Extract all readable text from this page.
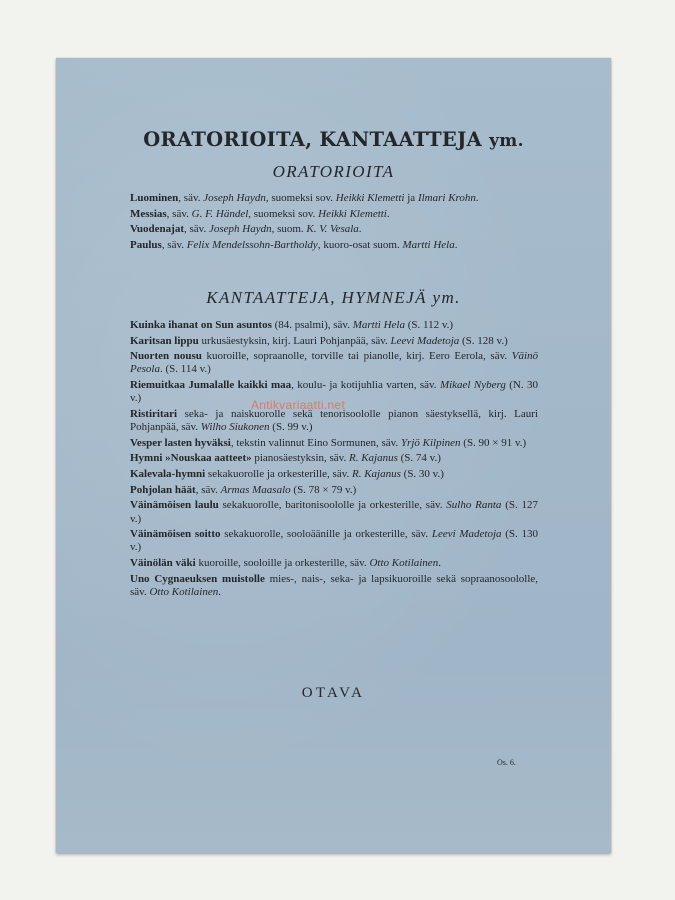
ORATORIOITA, KANTAATTEJA ym.
ORATORIOITA
Luominen, säv. Joseph Haydn, suomeksi sov. Heikki Klemetti ja Ilmari Krohn.
Messias, säv. G. F. Händel, suomeksi sov. Heikki Klemetti.
Vuodenajat, säv. Joseph Haydn, suom. K. V. Vesala.
Paulus, säv. Felix Mendelssohn-Bartholdy, kuoro-osat suom. Martti Hela.
KANTAATTEJA, HYMNEJÄ ym.
Kuinka ihanat on Sun asuntos (84. psalmi), säv. Martti Hela (S. 112 v.)
Karitsan lippu urkusäestyksin, kirj. Lauri Pohjanpää, säv. Leevi Madetoja (S. 128 v.)
Nuorten nousu kuoroille, sopraanolle, torville tai pianolle, kirj. Eero Eerola, säv. Väinö Pesola. (S. 114 v.)
Riemuitkaa Jumalalle kaikki maa, koulu- ja kotijuhlia varten, säv. Mikael Nyberg (N. 30 v.)
Ristiritari seka- ja naiskuorolle sekä tenorisoololle pianon säestyksellä, kirj. Lauri Pohjanpää, säv. Wilho Siukonen (S. 99 v.)
Vesper lasten hyväksi, tekstin valinnut Eino Sormunen, säv. Yrjö Kilpinen (S. 90 × 91 v.)
Hymni »Nouskaa aatteet» pianosäestyksin, säv. R. Kajanus (S. 74 v.)
Kalevala-hymni sekakuorolle ja orkesterille, säv. R. Kajanus (S. 30 v.)
Pohjolan häät, säv. Armas Maasalo (S. 78 × 79 v.)
Väinämöisen laulu sekakuorolle, baritonisoololle ja orkesterille, säv. Sulho Ranta (S. 127 v.)
Väinämöisen soitto sekakuorolle, sooloäänille ja orkesterille, säv. Leevi Madetoja (S. 130 v.)
Väinölän väki kuoroille, sooloille ja orkesterille, säv. Otto Kotilainen.
Uno Cygnaeuksen muistolle mies-, nais-, seka- ja lapsikuoroille sekä sopraanosoololle, säv. Otto Kotilainen.
OTAVA
Os. 6.
Antikvariaatti.net
